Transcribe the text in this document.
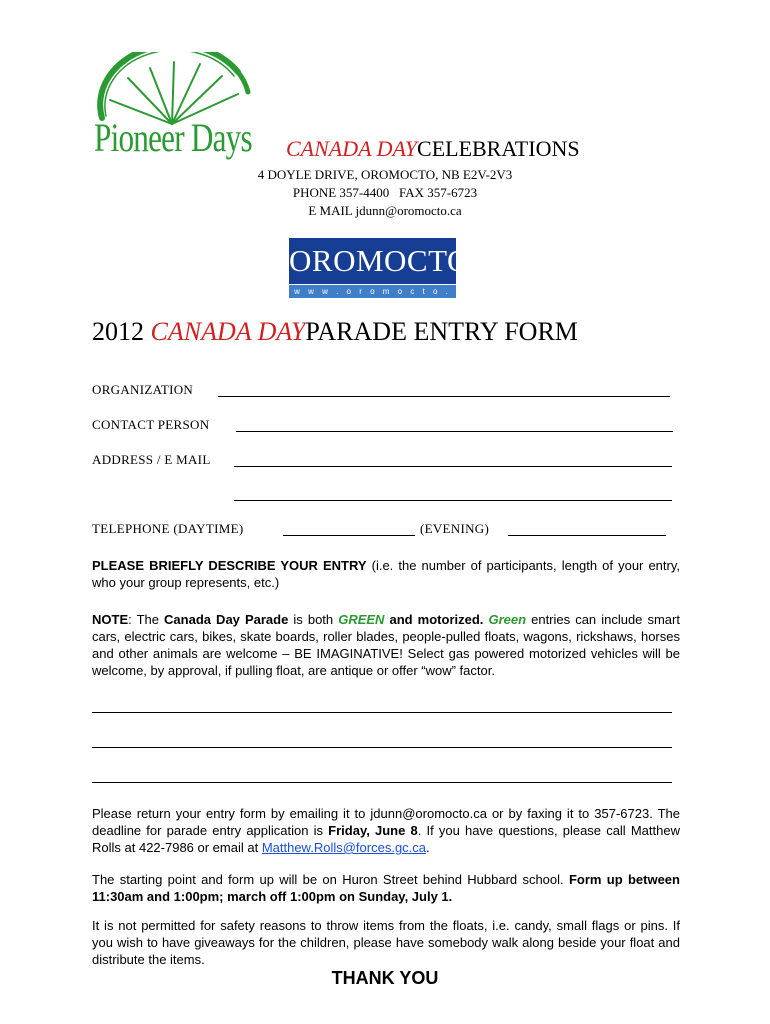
Pioneer Days CANADA DAYCELEBRATIONS
4 DOYLE DRIVE, OROMOCTO, NB E2V-2V3
PHONE 357-4400   FAX 357-6723
E MAIL jdunn@oromocto.ca
OROMOCTO
w w w . o r o m o c t o . c a
2012 CANADA DAYPARADE ENTRY FORM
ORGANIZATION
CONTACT PERSON
ADDRESS / E MAIL
TELEPHONE (DAYTIME)	(EVENING)
PLEASE BRIEFLY DESCRIBE YOUR ENTRY (i.e. the number of participants, length of your entry, who your group represents, etc.)
NOTE: The Canada Day Parade is both GREEN and motorized. Green entries can include smart cars, electric cars, bikes, skate boards, roller blades, people-pulled floats, wagons, rickshaws, horses and other animals are welcome – BE IMAGINATIVE! Select gas powered motorized vehicles will be welcome, by approval, if pulling float, are antique or offer “wow” factor.
Please return your entry form by emailing it to jdunn@oromocto.ca or by faxing it to 357-6723. The deadline for parade entry application is Friday, June 8. If you have questions, please call Matthew Rolls at 422-7986 or email at Matthew.Rolls@forces.gc.ca.
The starting point and form up will be on Huron Street behind Hubbard school. Form up between 11:30am and 1:00pm; march off 1:00pm on Sunday, July 1.
It is not permitted for safety reasons to throw items from the floats, i.e. candy, small flags or pins. If you wish to have giveaways for the children, please have somebody walk along beside your float and distribute the items.
THANK YOU
